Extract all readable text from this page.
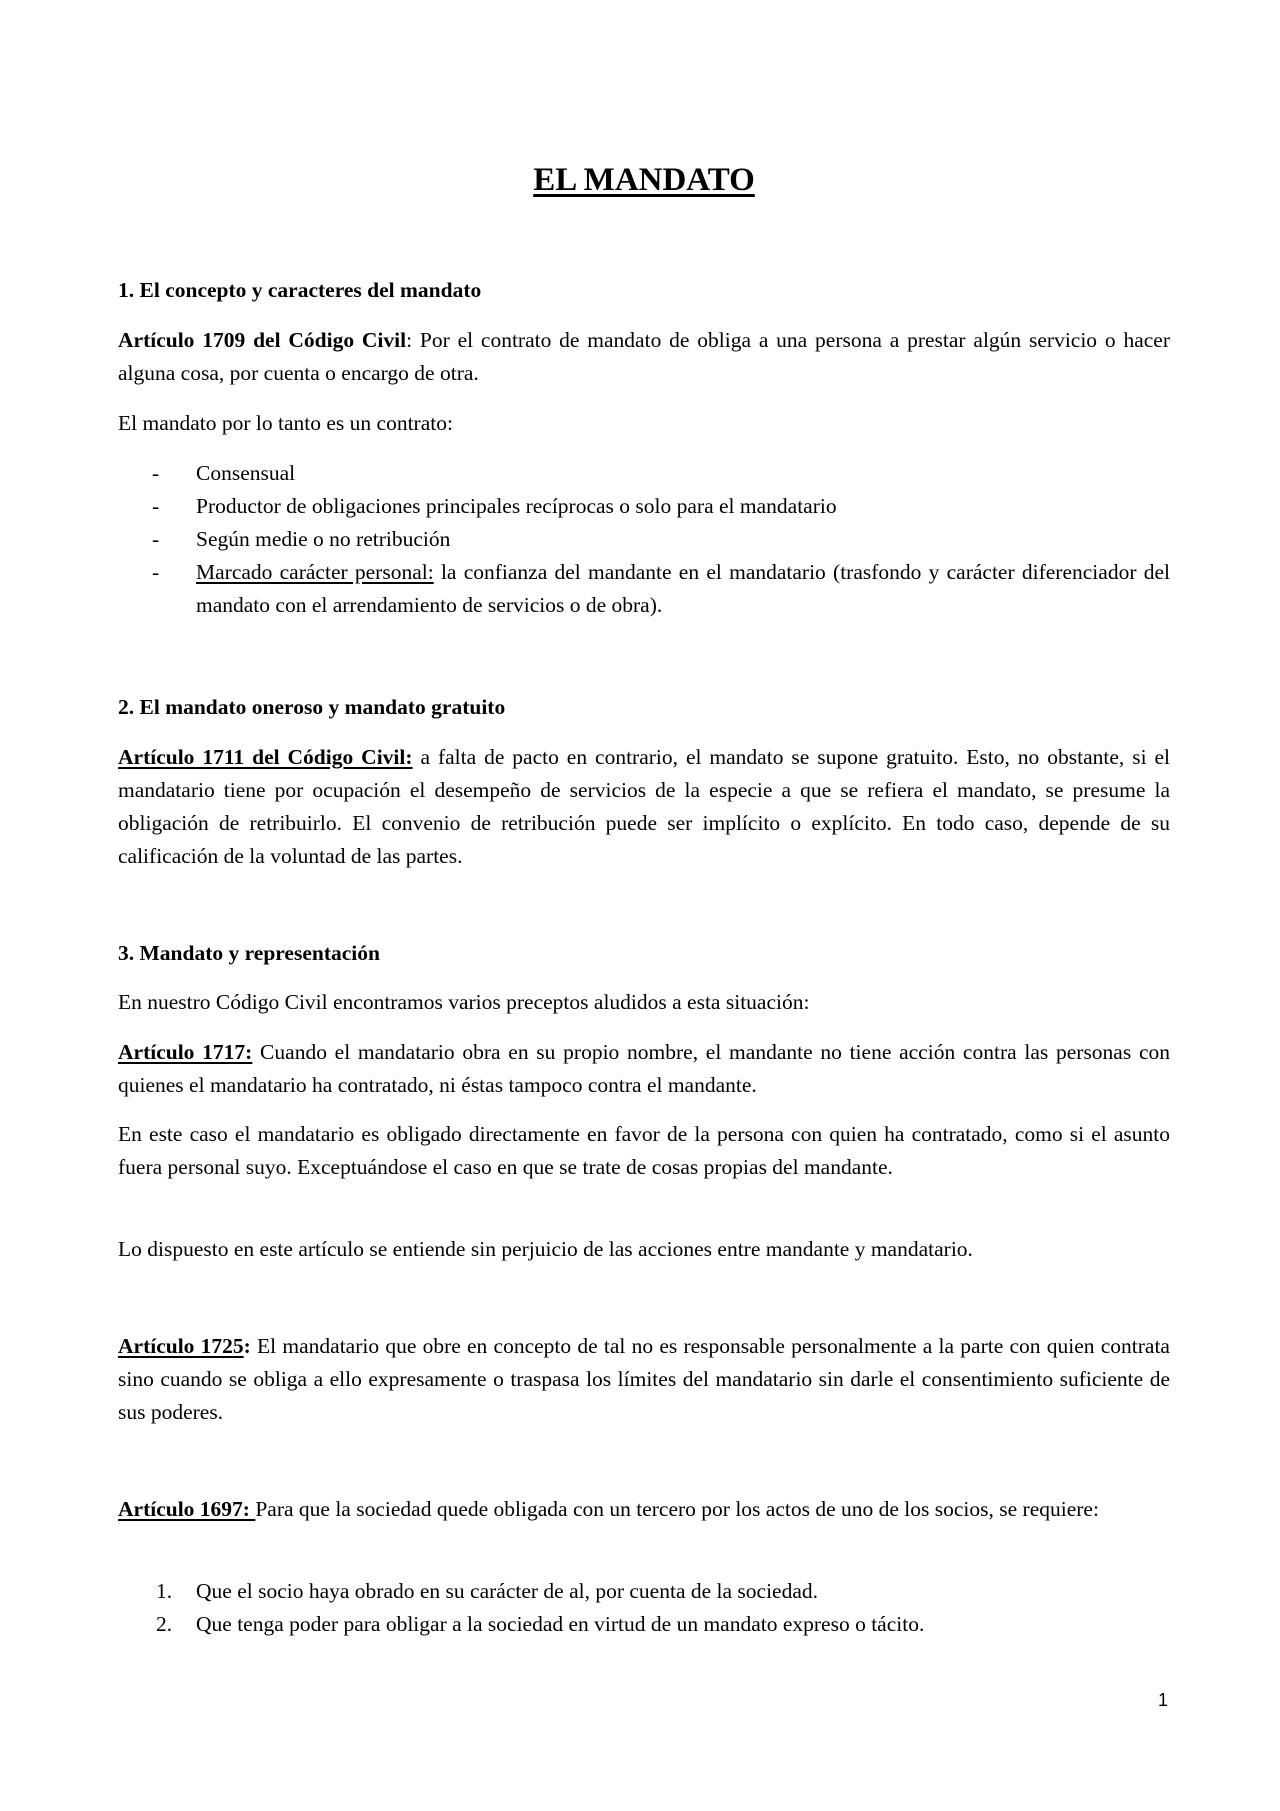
EL MANDATO

1. El concepto y caracteres del mandato

Artículo 1709 del Código Civil: Por el contrato de mandato de obliga a una persona a prestar algún servicio o hacer alguna cosa, por cuenta o encargo de otra.

El mandato por lo tanto es un contrato:

- Consensual
- Productor de obligaciones principales recíprocas o solo para el mandatario
- Según medie o no retribución
- Marcado carácter personal: la confianza del mandante en el mandatario (trasfondo y carácter diferenciador del mandato con el arrendamiento de servicios o de obra).

2. El mandato oneroso y mandato gratuito

Artículo 1711 del Código Civil: a falta de pacto en contrario, el mandato se supone gratuito. Esto, no obstante, si el mandatario tiene por ocupación el desempeño de servicios de la especie a que se refiera el mandato, se presume la obligación de retribuirlo. El convenio de retribución puede ser implícito o explícito. En todo caso, depende de su calificación de la voluntad de las partes.

3. Mandato y representación

En nuestro Código Civil encontramos varios preceptos aludidos a esta situación:

Artículo 1717: Cuando el mandatario obra en su propio nombre, el mandante no tiene acción contra las personas con quienes el mandatario ha contratado, ni éstas tampoco contra el mandante.

En este caso el mandatario es obligado directamente en favor de la persona con quien ha contratado, como si el asunto fuera personal suyo. Exceptuándose el caso en que se trate de cosas propias del mandante.

Lo dispuesto en este artículo se entiende sin perjuicio de las acciones entre mandante y mandatario.

Artículo 1725: El mandatario que obre en concepto de tal no es responsable personalmente a la parte con quien contrata sino cuando se obliga a ello expresamente o traspasa los límites del mandatario sin darle el consentimiento suficiente de sus poderes.

Artículo 1697: Para que la sociedad quede obligada con un tercero por los actos de uno de los socios, se requiere:

1. Que el socio haya obrado en su carácter de al, por cuenta de la sociedad.
2. Que tenga poder para obligar a la sociedad en virtud de un mandato expreso o tácito.
1
